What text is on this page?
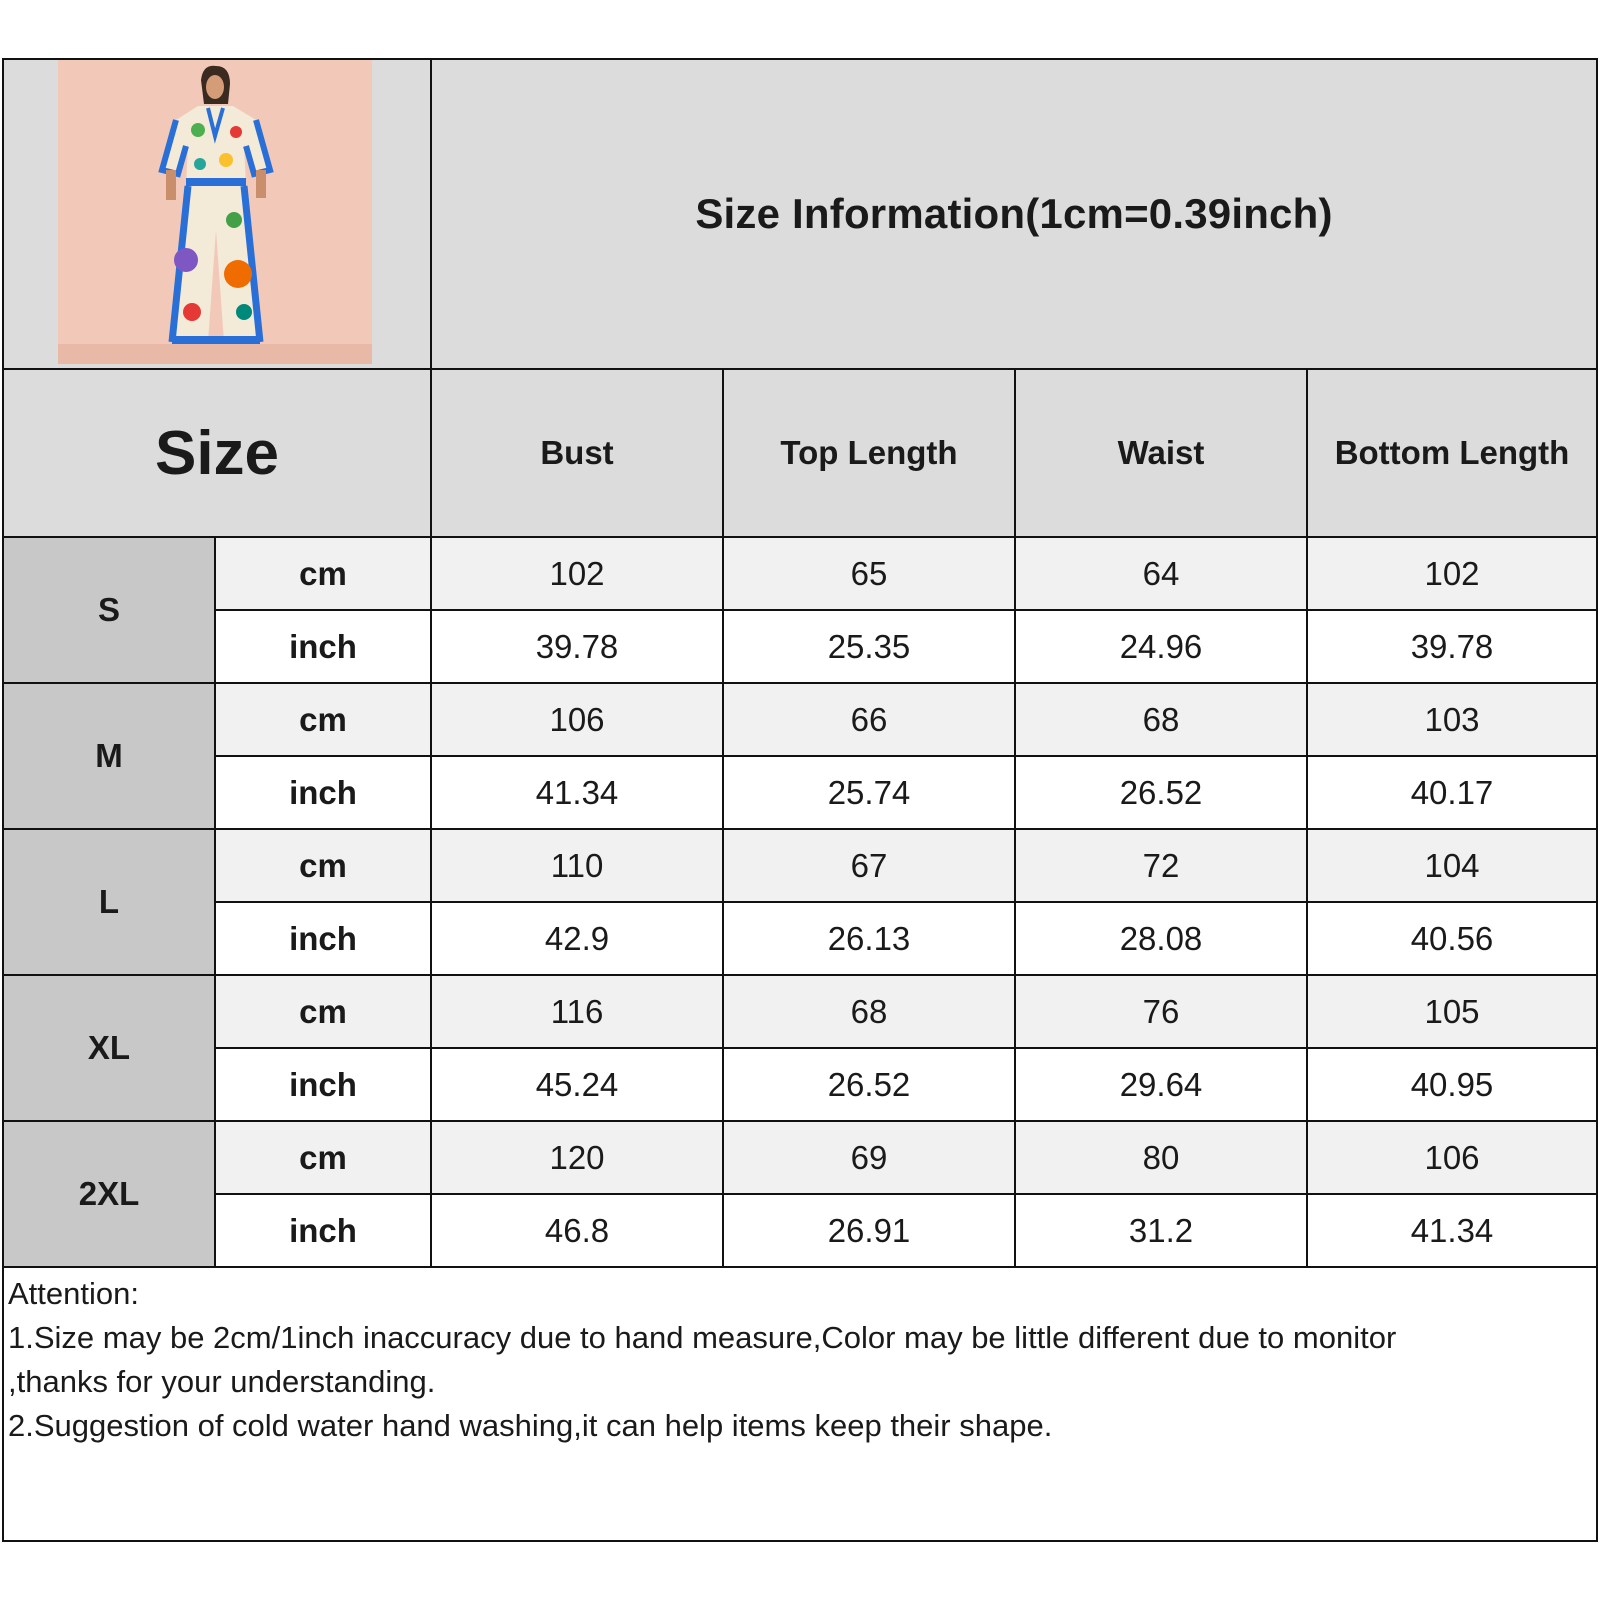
Size Information(1cm=0.39inch)
Size	Bust	Top Length	Waist	Bottom Length
S
cm	102	65	64	102
inch	39.78	25.35	24.96	39.78
M
cm	106	66	68	103
inch	41.34	25.74	26.52	40.17
L
cm	110	67	72	104
inch	42.9	26.13	28.08	40.56
XL
cm	116	68	76	105
inch	45.24	26.52	29.64	40.95
2XL
cm	120	69	80	106
inch	46.8	26.91	31.2	41.34
Attention:
1.Size may be 2cm/1inch inaccuracy due to hand measure,Color may be little different due to monitor
,thanks for your understanding.
2.Suggestion of cold water hand washing,it can help items keep their shape.
